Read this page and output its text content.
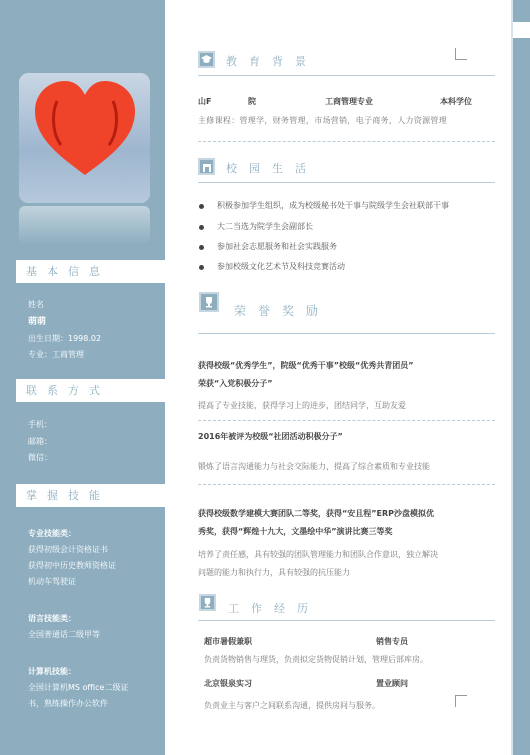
基本信息
姓名
萌萌
出生日期：1998.02
专业：工商管理
联系方式
手机：
邮箱：
微信：
掌握技能
专业技能类：
获得初级会计资格证书
获得初中历史教师资格证
机动车驾驶证
语言技能类：
全国普通话二级甲等
计算机技能：
全国计算机MS office二级证
书，熟练操作办公软件
教育背景
山F	院	工商管理专业	本科学位
主修课程：管理学，财务管理，市场营销，电子商务，人力资源管理
校园生活
积极参加学生组织，成为校级秘书处干事与院级学生会社联部干事
大二当选为院学生会副部长
参加社会志愿服务和社会实践服务
参加校级文化艺术节及科技竞赛活动
荣誉奖励
获得校级“优秀学生”，院级“优秀干事”校级“优秀共青团员”
荣获“入党积极分子”
提高了专业技能，获得学习上的进步，团结同学，互助友爱
2016年被评为校级“社团活动积极分子”
锻炼了语言沟通能力与社会交际能力，提高了综合素质和专业技能
获得校级数学建模大赛团队二等奖，获得“安且程”ERP沙盘模拟优
秀奖，获得“辉煌十九大，文墨绘中华”演讲比赛三等奖
培养了责任感，具有较强的团队管理能力和团队合作意识，独立解决
问题的能力和执行力，具有较强的抗压能力
工作经历
超市暑假兼职	销售专员
负责货物销售与理货，负责拟定货物促销计划，管理后部库房。
北京银泉实习	置业顾问
负责业主与客户之间联系沟通，提供房间与服务。
